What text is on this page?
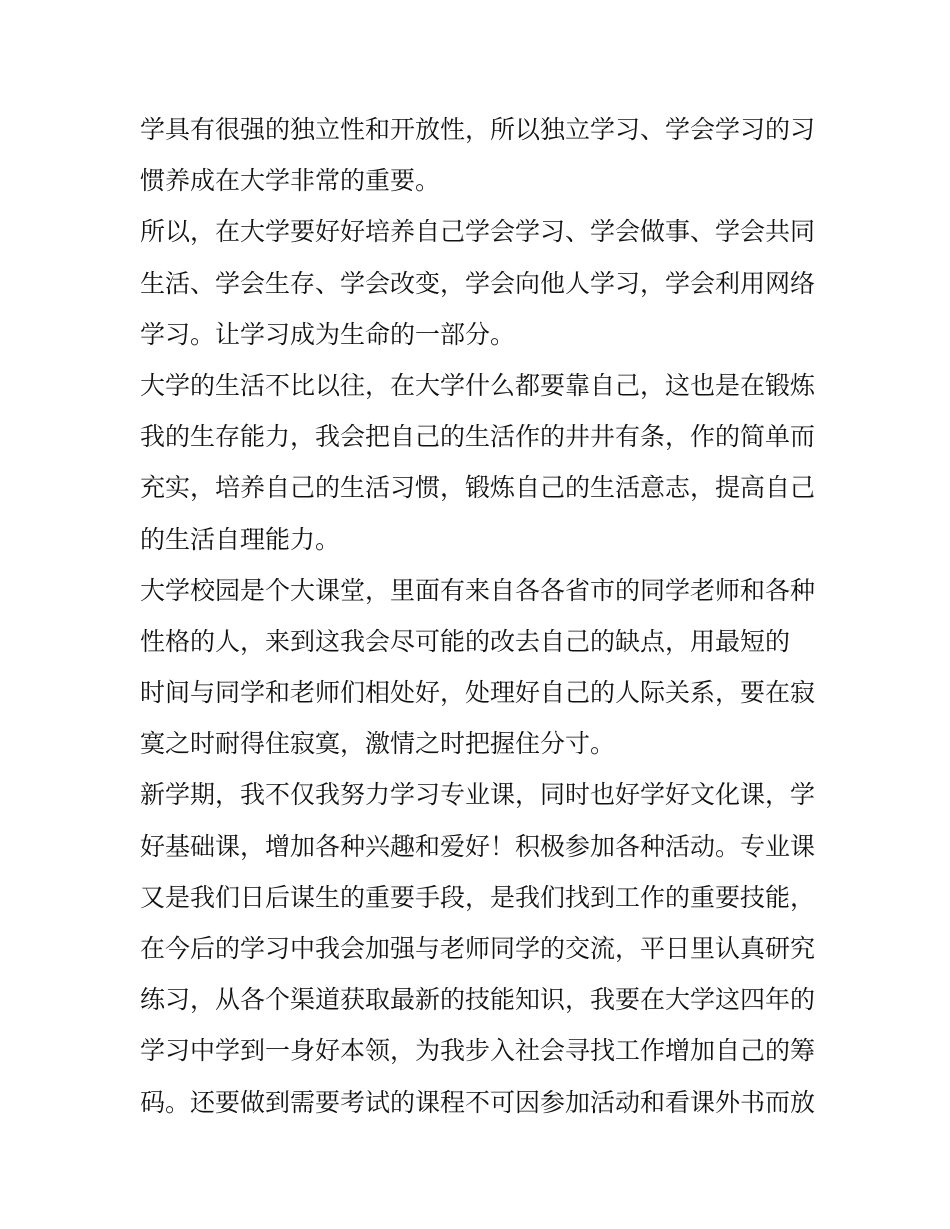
学具有很强的独立性和开放性，所以独立学习、学会学习的习
惯养成在大学非常的重要。
所以，在大学要好好培养自己学会学习、学会做事、学会共同
生活、学会生存、学会改变，学会向他人学习，学会利用网络
学习。让学习成为生命的一部分。
大学的生活不比以往，在大学什么都要靠自己，这也是在锻炼
我的生存能力，我会把自己的生活作的井井有条，作的简单而
充实，培养自己的生活习惯，锻炼自己的生活意志，提高自己
的生活自理能力。
大学校园是个大课堂，里面有来自各各省市的同学老师和各种
性格的人，来到这我会尽可能的改去自己的缺点，用最短的
时间与同学和老师们相处好，处理好自己的人际关系，要在寂
寞之时耐得住寂寞，激情之时把握住分寸。
新学期，我不仅我努力学习专业课，同时也好学好文化课，学
好基础课，增加各种兴趣和爱好！积极参加各种活动。专业课
又是我们日后谋生的重要手段，是我们找到工作的重要技能，
在今后的学习中我会加强与老师同学的交流，平日里认真研究
练习，从各个渠道获取最新的技能知识，我要在大学这四年的
学习中学到一身好本领，为我步入社会寻找工作增加自己的筹
码。还要做到需要考试的课程不可因参加活动和看课外书而放
